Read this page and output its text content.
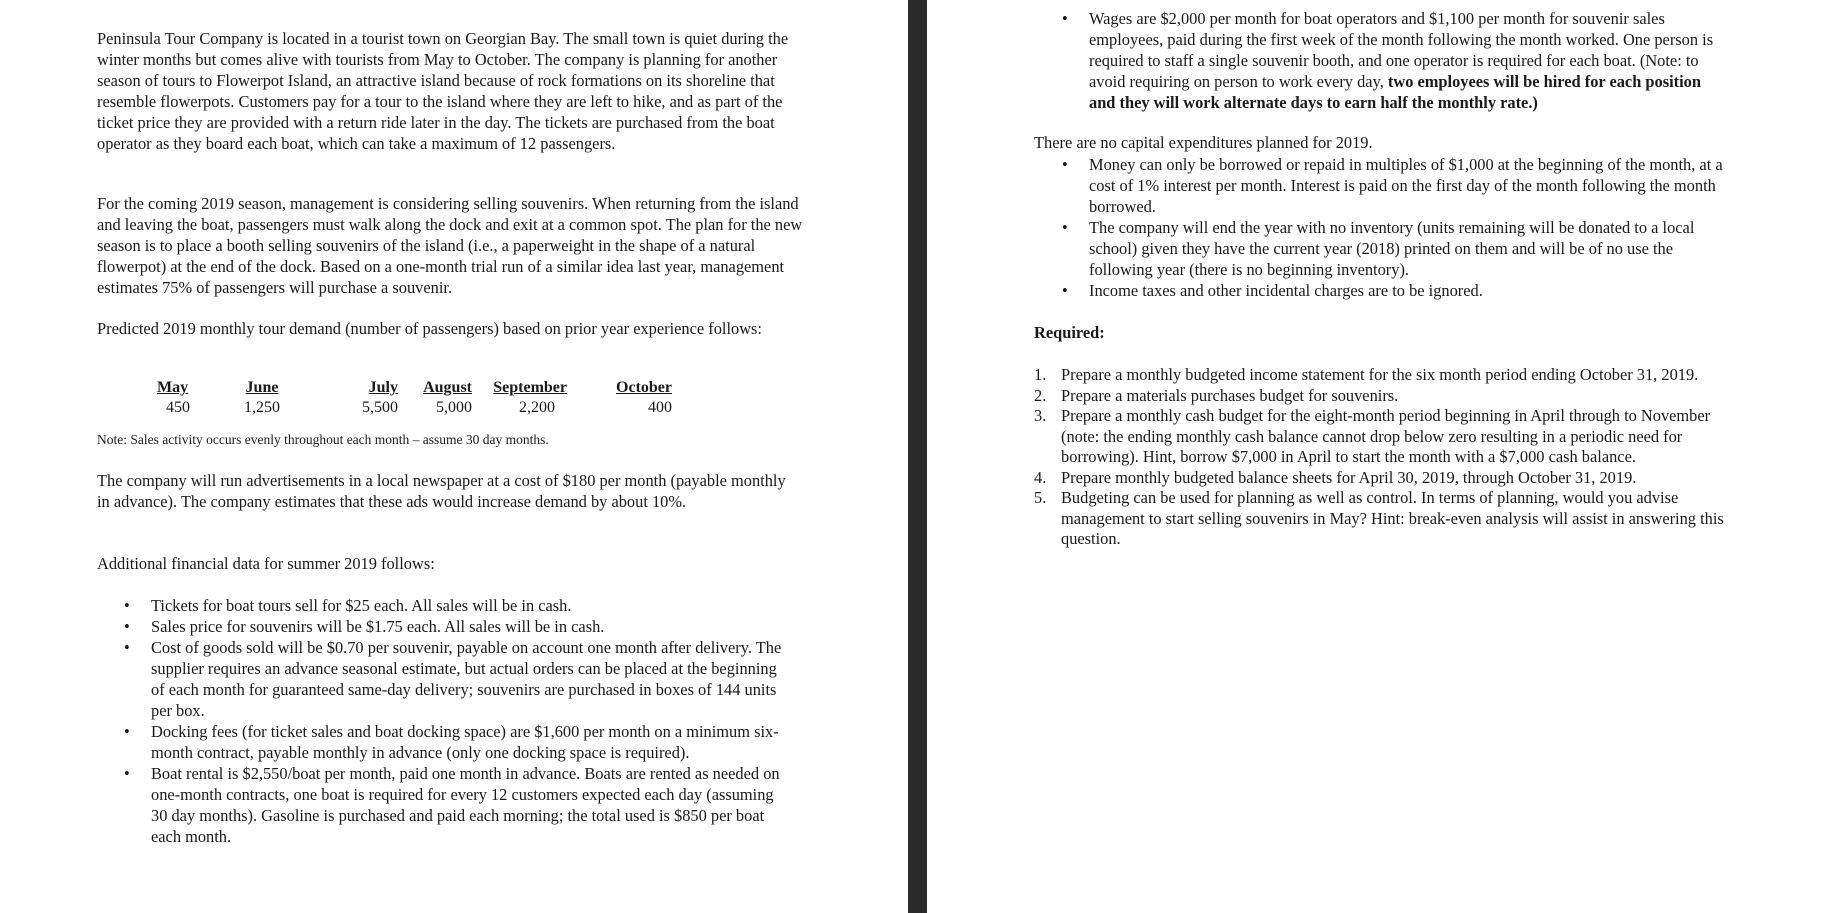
Peninsula Tour Company is located in a tourist town on Georgian Bay. The small town is quiet during the winter months but comes alive with tourists from May to October. The company is planning for another season of tours to Flowerpot Island, an attractive island because of rock formations on its shoreline that resemble flowerpots. Customers pay for a tour to the island where they are left to hike, and as part of the ticket price they are provided with a return ride later in the day. The tickets are purchased from the boat operator as they board each boat, which can take a maximum of 12 passengers.

For the coming 2019 season, management is considering selling souvenirs. When returning from the island and leaving the boat, passengers must walk along the dock and exit at a common spot. The plan for the new season is to place a booth selling souvenirs of the island (i.e., a paperweight in the shape of a natural flowerpot) at the end of the dock. Based on a one-month trial run of a similar idea last year, management estimates 75% of passengers will purchase a souvenir.

Predicted 2019 monthly tour demand (number of passengers) based on prior year experience follows:

May
450
June
1,250
July
5,500
August
5,000
September
2,200
October
400
Note: Sales activity occurs evenly throughout each month – assume 30 day months.

The company will run advertisements in a local newspaper at a cost of $180 per month (payable monthly in advance). The company estimates that these ads would increase demand by about 10%.

Additional financial data for summer 2019 follows:

• Tickets for boat tours sell for $25 each. All sales will be in cash.
• Sales price for souvenirs will be $1.75 each. All sales will be in cash.
• Cost of goods sold will be $0.70 per souvenir, payable on account one month after delivery. The supplier requires an advance seasonal estimate, but actual orders can be placed at the beginning of each month for guaranteed same-day delivery; souvenirs are purchased in boxes of 144 units per box.
• Docking fees (for ticket sales and boat docking space) are $1,600 per month on a minimum six-month contract, payable monthly in advance (only one docking space is required).
• Boat rental is $2,550/boat per month, paid one month in advance. Boats are rented as needed on one-month contracts, one boat is required for every 12 customers expected each day (assuming 30 day months). Gasoline is purchased and paid each morning; the total used is $850 per boat each month.
• Wages are $2,000 per month for boat operators and $1,100 per month for souvenir sales employees, paid during the first week of the month following the month worked. One person is required to staff a single souvenir booth, and one operator is required for each boat. (Note: to avoid requiring on person to work every day, two employees will be hired for each position and they will work alternate days to earn half the monthly rate.)

There are no capital expenditures planned for 2019.

• Money can only be borrowed or repaid in multiples of $1,000 at the beginning of the month, at a cost of 1% interest per month. Interest is paid on the first day of the month following the month borrowed.
• The company will end the year with no inventory (units remaining will be donated to a local school) given they have the current year (2018) printed on them and will be of no use the following year (there is no beginning inventory).
• Income taxes and other incidental charges are to be ignored.

Required:

1. Prepare a monthly budgeted income statement for the six month period ending October 31, 2019.
2. Prepare a materials purchases budget for souvenirs.
3. Prepare a monthly cash budget for the eight-month period beginning in April through to November (note: the ending monthly cash balance cannot drop below zero resulting in a periodic need for borrowing). Hint, borrow $7,000 in April to start the month with a $7,000 cash balance.
4. Prepare monthly budgeted balance sheets for April 30, 2019, through October 31, 2019.
5. Budgeting can be used for planning as well as control. In terms of planning, would you advise management to start selling souvenirs in May? Hint: break-even analysis will assist in answering this question.
